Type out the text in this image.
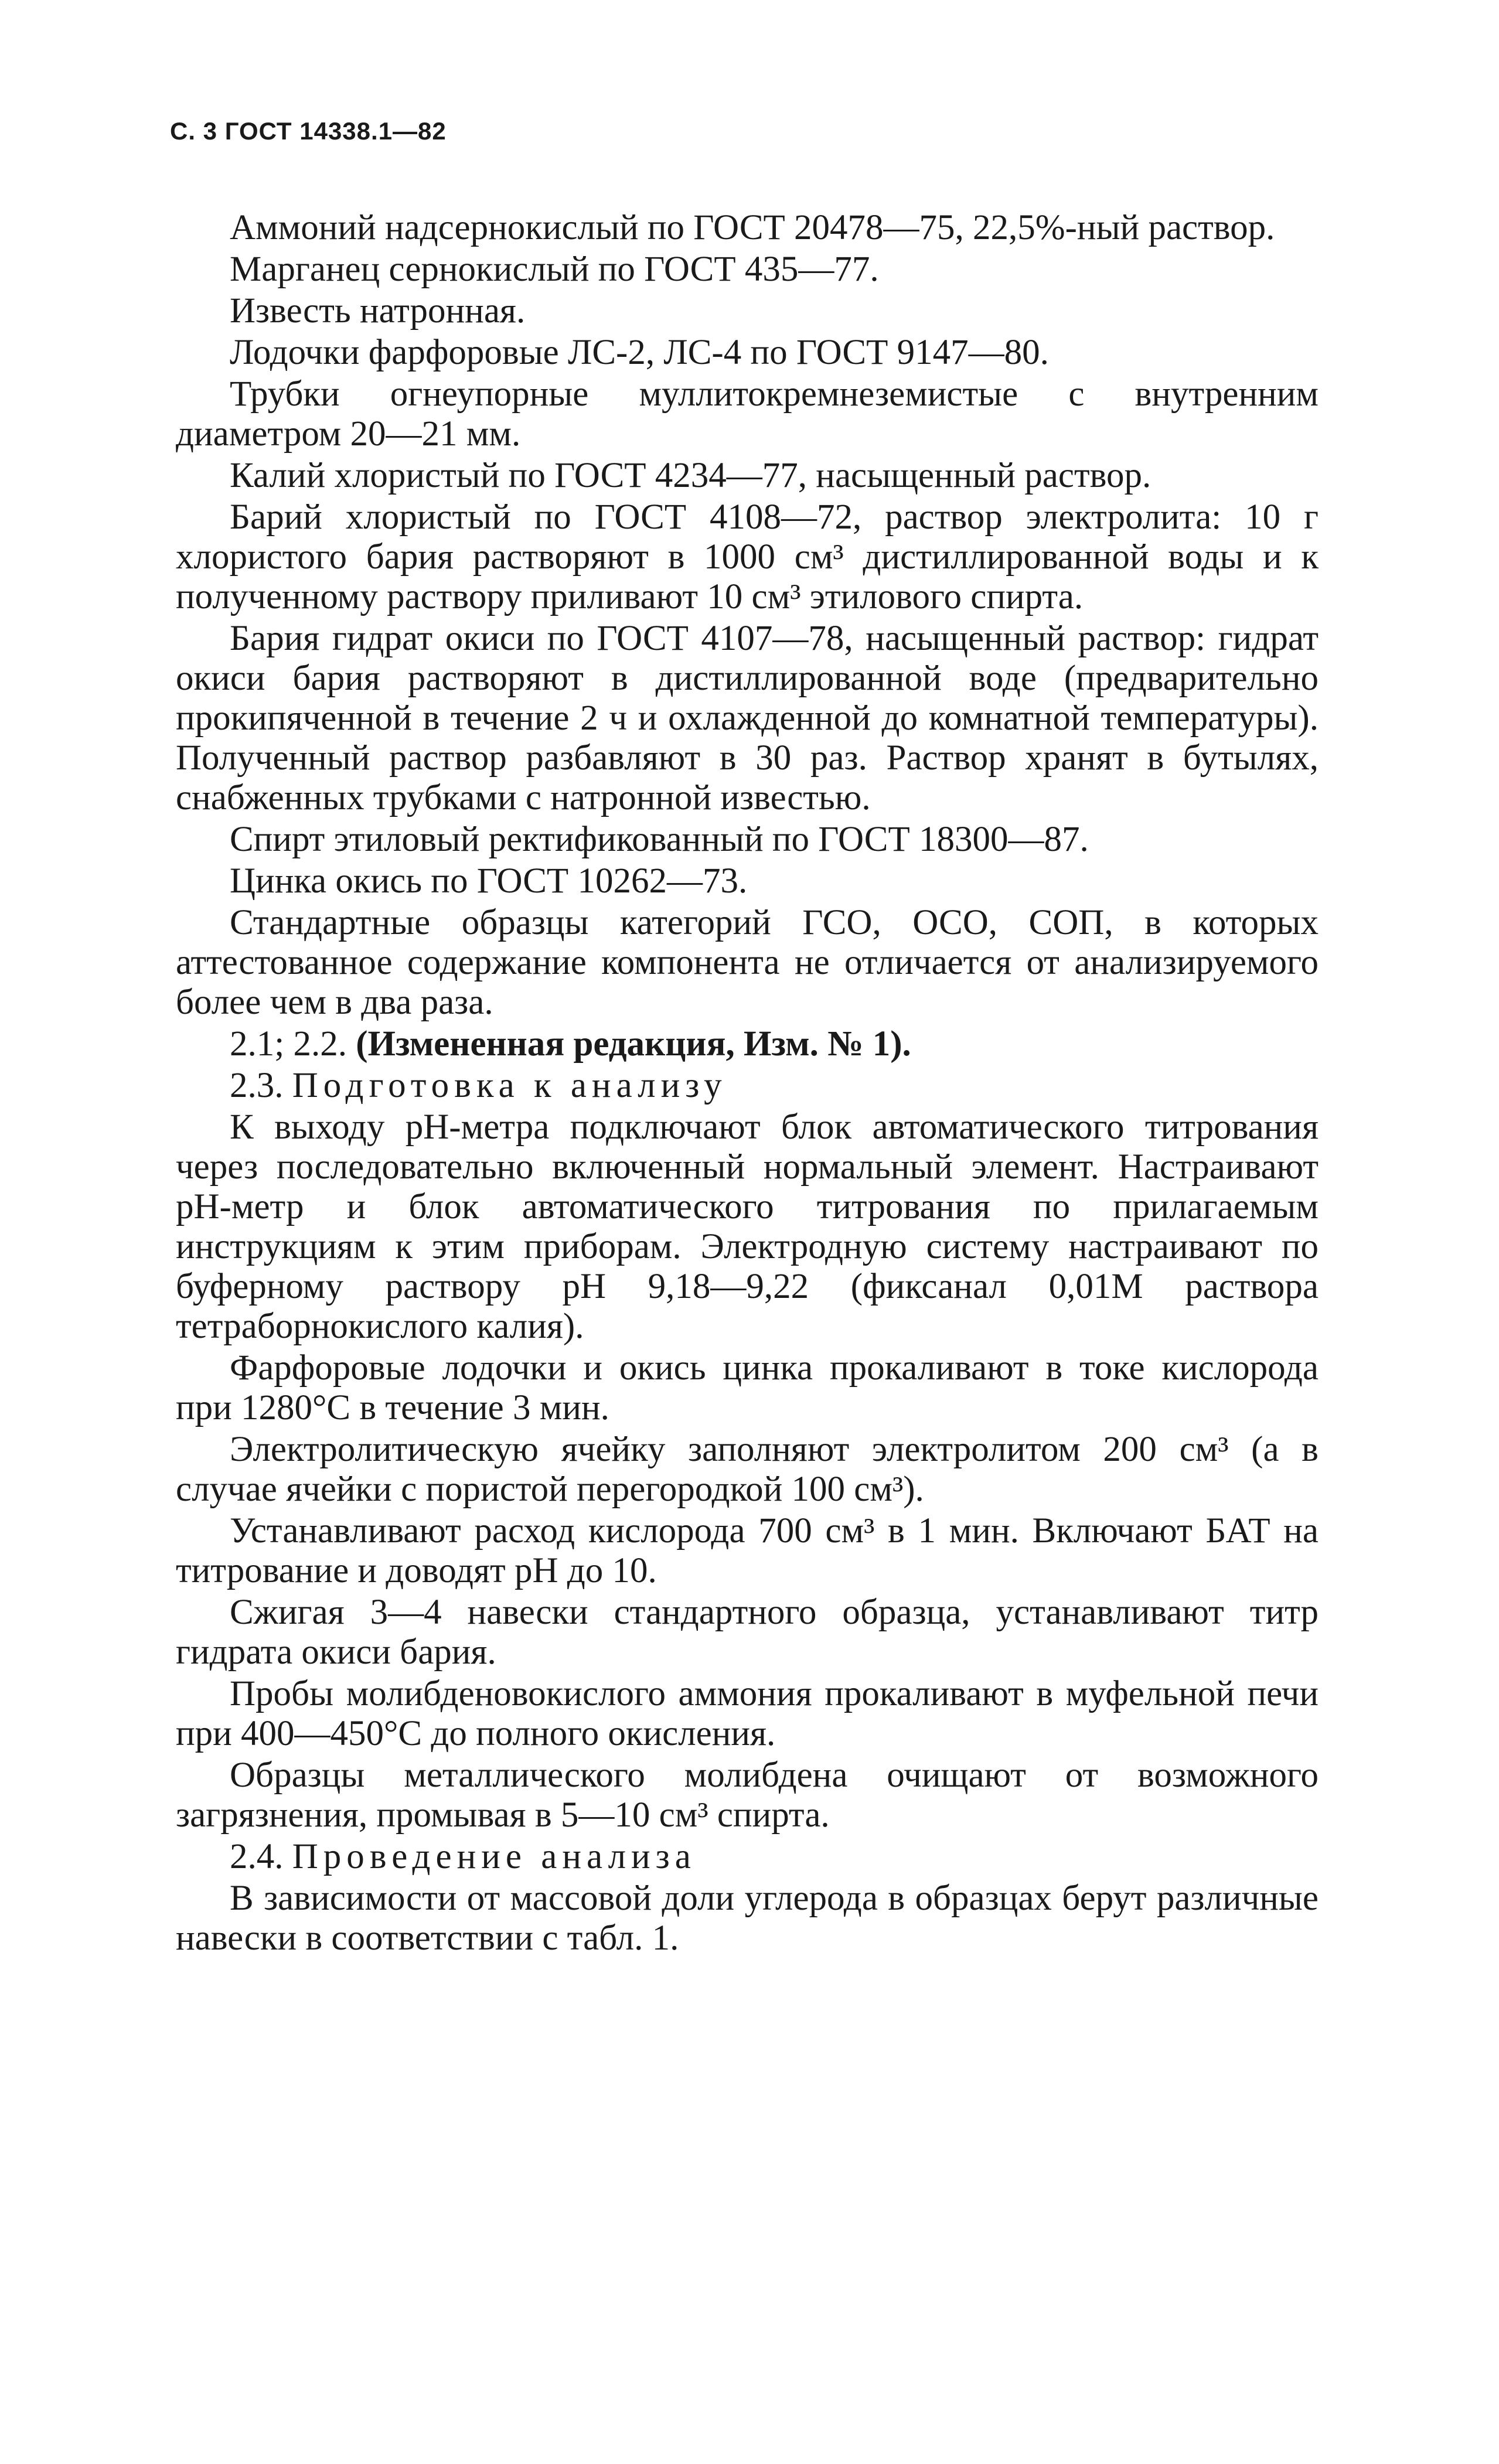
С. 3 ГОСТ 14338.1—82

Аммоний надсернокислый по ГОСТ 20478—75, 22,5%-ный раствор.

Марганец сернокислый по ГОСТ 435—77.

Известь натронная.

Лодочки фарфоровые ЛС-2, ЛС-4 по ГОСТ 9147—80.

Трубки огнеупорные муллитокремнеземистые с внутренним диаметром 20—21 мм.

Калий хлористый по ГОСТ 4234—77, насыщенный раствор.

Барий хлористый по ГОСТ 4108—72, раствор электролита: 10 г хлористого бария растворяют в 1000 см³ дистиллированной воды и к полученному раствору приливают 10 см³ этилового спирта.

Бария гидрат окиси по ГОСТ 4107—78, насыщенный раствор: гидрат окиси бария растворяют в дистиллированной воде (предварительно прокипяченной в течение 2 ч и охлажденной до комнатной температуры). Полученный раствор разбавляют в 30 раз. Раствор хранят в бутылях, снабженных трубками с натронной известью.

Спирт этиловый ректификованный по ГОСТ 18300—87.

Цинка окись по ГОСТ 10262—73.

Стандартные образцы категорий ГСО, ОСО, СОП, в которых аттестованное содержание компонента не отличается от анализируемого более чем в два раза.

2.1; 2.2. (Измененная редакция, Изм. № 1).

2.3. Подготовка к анализу

К выходу pH-метра подключают блок автоматического титрования через последовательно включенный нормальный элемент. Настраивают pH-метр и блок автоматического титрования по прилагаемым инструкциям к этим приборам. Электродную систему настраивают по буферному раствору pH 9,18—9,22 (фиксанал 0,01М раствора тетраборнокислого калия).

Фарфоровые лодочки и окись цинка прокаливают в токе кислорода при 1280°С в течение 3 мин.

Электролитическую ячейку заполняют электролитом 200 см³ (а в случае ячейки с пористой перегородкой 100 см³).

Устанавливают расход кислорода 700 см³ в 1 мин. Включают БАТ на титрование и доводят pH до 10.

Сжигая 3—4 навески стандартного образца, устанавливают титр гидрата окиси бария.

Пробы молибденовокислого аммония прокаливают в муфельной печи при 400—450°С до полного окисления.

Образцы металлического молибдена очищают от возможного загрязнения, промывая в 5—10 см³ спирта.

2.4. Проведение анализа

В зависимости от массовой доли углерода в образцах берут различные навески в соответствии с табл. 1.
